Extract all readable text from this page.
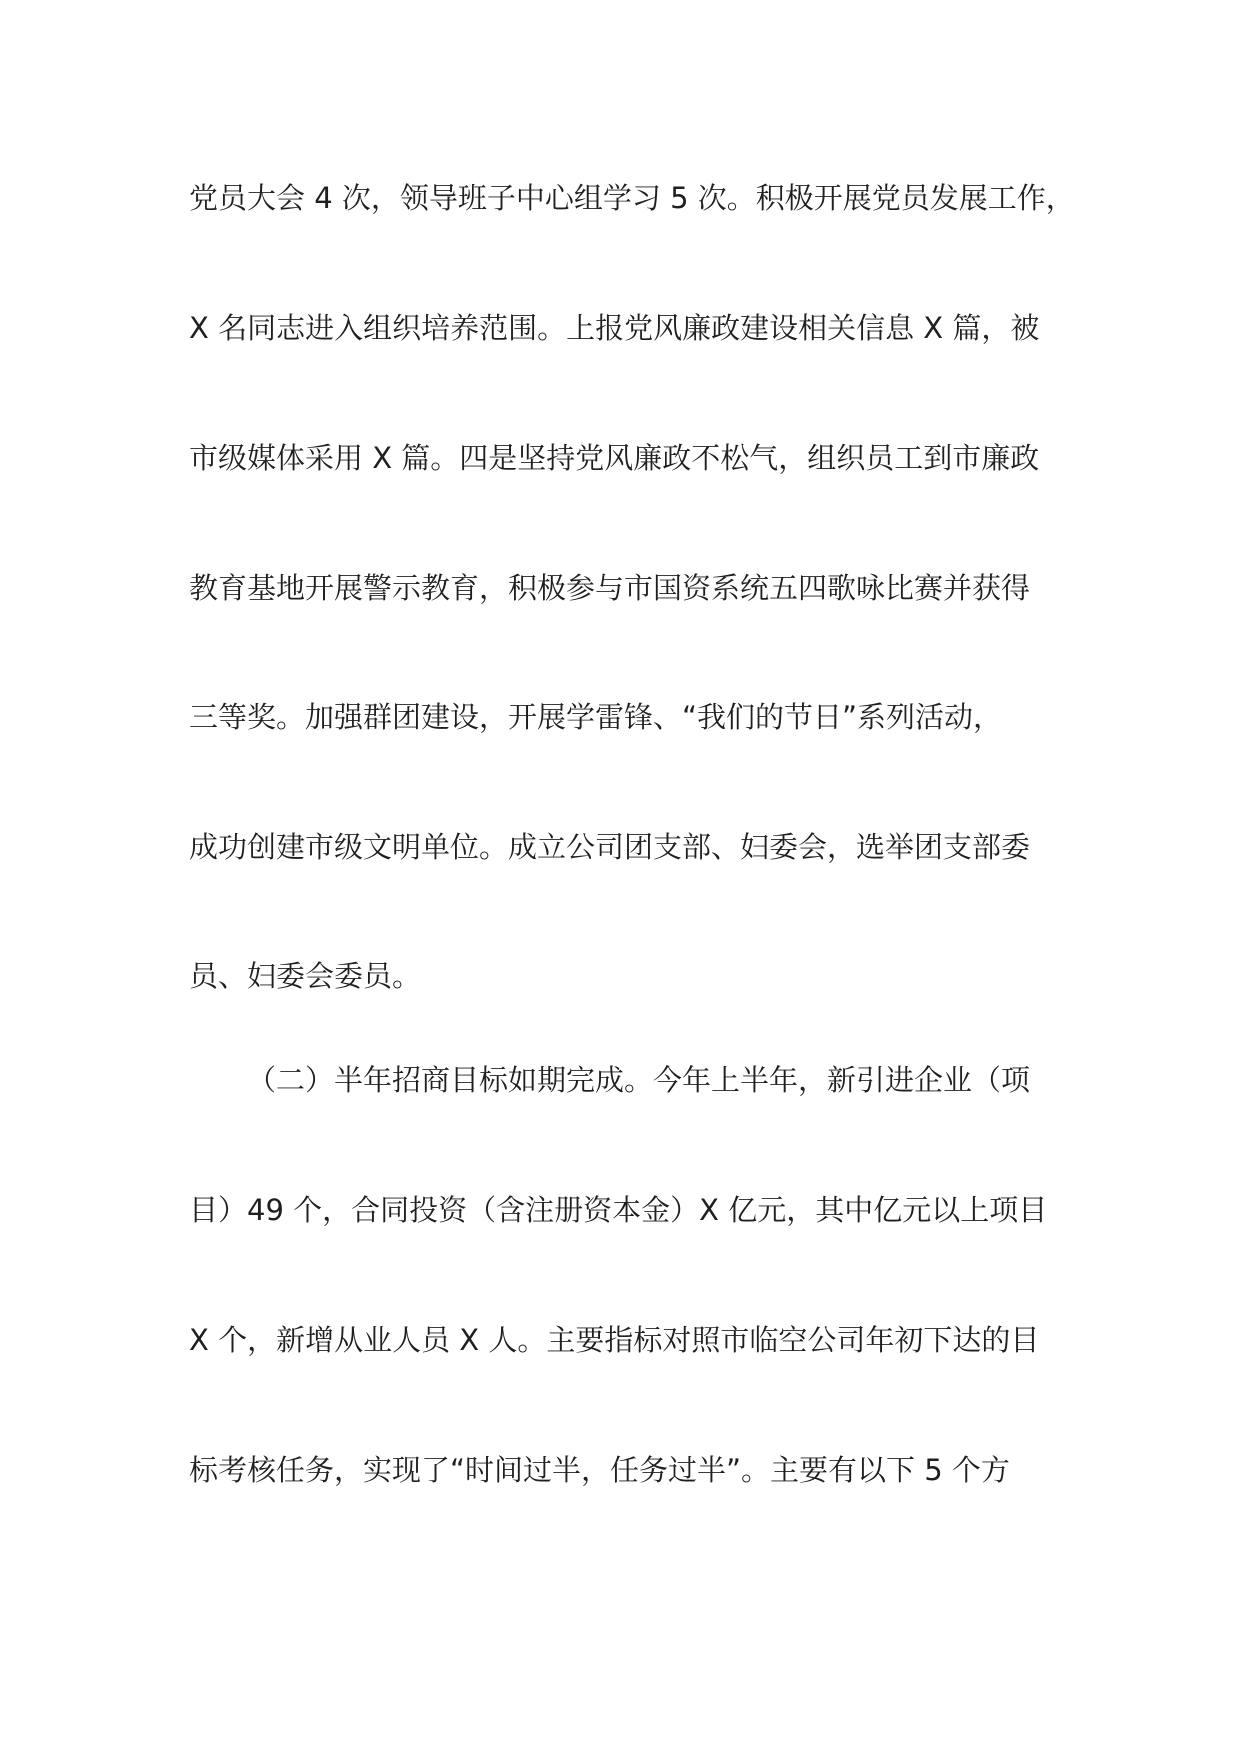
党员大会 4 次，领导班子中心组学习 5 次。积极开展党员发展工作，
X 名同志进入组织培养范围。上报党风廉政建设相关信息 X 篇，被
市级媒体采用 X 篇。四是坚持党风廉政不松气，组织员工到市廉政
教育基地开展警示教育，积极参与市国资系统五四歌咏比赛并获得
三等奖。加强群团建设，开展学雷锋、“我们的节日”系列活动，
成功创建市级文明单位。成立公司团支部、妇委会，选举团支部委
员、妇委会委员。
（二）半年招商目标如期完成。今年上半年，新引进企业（项
目）49 个，合同投资（含注册资本金）X 亿元，其中亿元以上项目
X 个，新增从业人员 X 人。主要指标对照市临空公司年初下达的目
标考核任务，实现了“时间过半，任务过半”。主要有以下 5 个方
